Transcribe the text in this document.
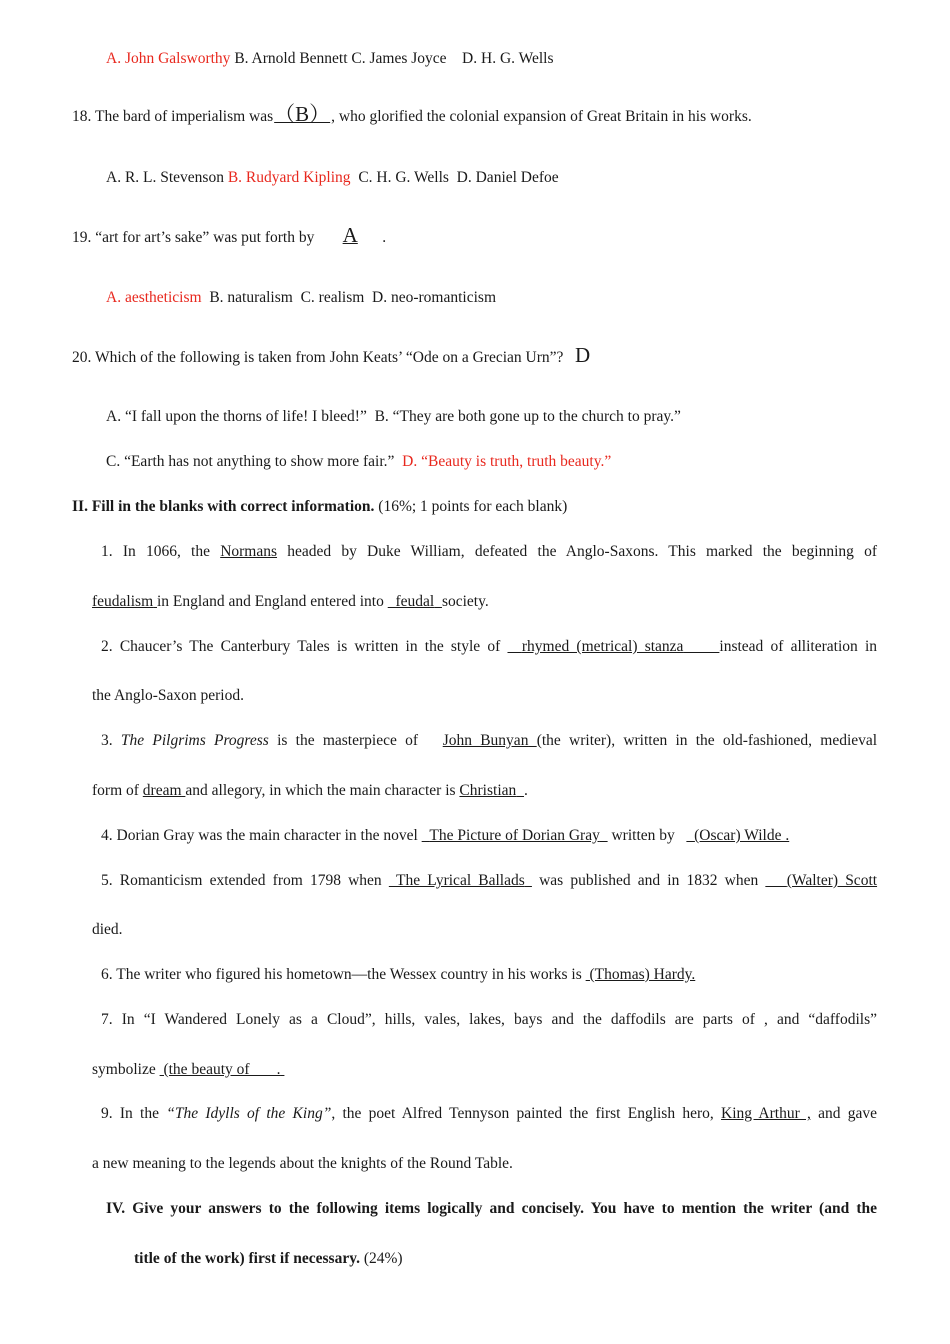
A. John Galsworthy B. Arnold Bennett C. James Joyce    D. H. G. Wells
18. The bard of imperialism was（B）, who glorified the colonial expansion of Great Britain in his works.
A. R. L. Stevenson B. Rudyard Kipling C. H. G. Wells  D. Daniel Defoe
19. “art for art’s sake” was put forth by A .
A. aestheticism B. naturalism  C. realism  D. neo-romanticism
20. Which of the following is taken from John Keats’ “Ode on a Grecian Urn”? D
A. “I fall upon the thorns of life! I bleed!”  B. “They are both gone up to the church to pray.”
C. “Earth has not anything to show more fair.” D. “Beauty is truth, truth beauty.”
II. Fill in the blanks with correct information. (16%; 1 points for each blank)
1. In 1066, the Normans headed by Duke William, defeated the Anglo-Saxons. This marked the beginning of
feudalism in England and England entered into feudal society.
2. Chaucer’s The Canterbury Tales is written in the style of rhymed (metrical) stanza instead of alliteration in
the Anglo-Saxon period.
3. The Pilgrims Progress is the masterpiece of John Bunyan (the writer), written in the old-fashioned, medieval
form of dream and allegory, in which the main character is Christian .
4. Dorian Gray was the main character in the novel The Picture of Dorian Gray written by (Oscar) Wilde .
5. Romanticism extended from 1798 when The Lyrical Ballads was published and in 1832 when (Walter) Scott
died.
6. The writer who figured his hometown—the Wessex country in his works is (Thomas) Hardy.
7. In “I Wandered Lonely as a Cloud”, hills, vales, lakes, bays and the daffodils are parts of , and “daffodils”
symbolize (the beauty of       .
9. In the “The Idylls of the King”, the poet Alfred Tennyson painted the first English hero, King Arthur , and gave
a new meaning to the legends about the knights of the Round Table.
IV. Give your answers to the following items logically and concisely. You have to mention the writer (and the
title of the work) first if necessary. (24%)
